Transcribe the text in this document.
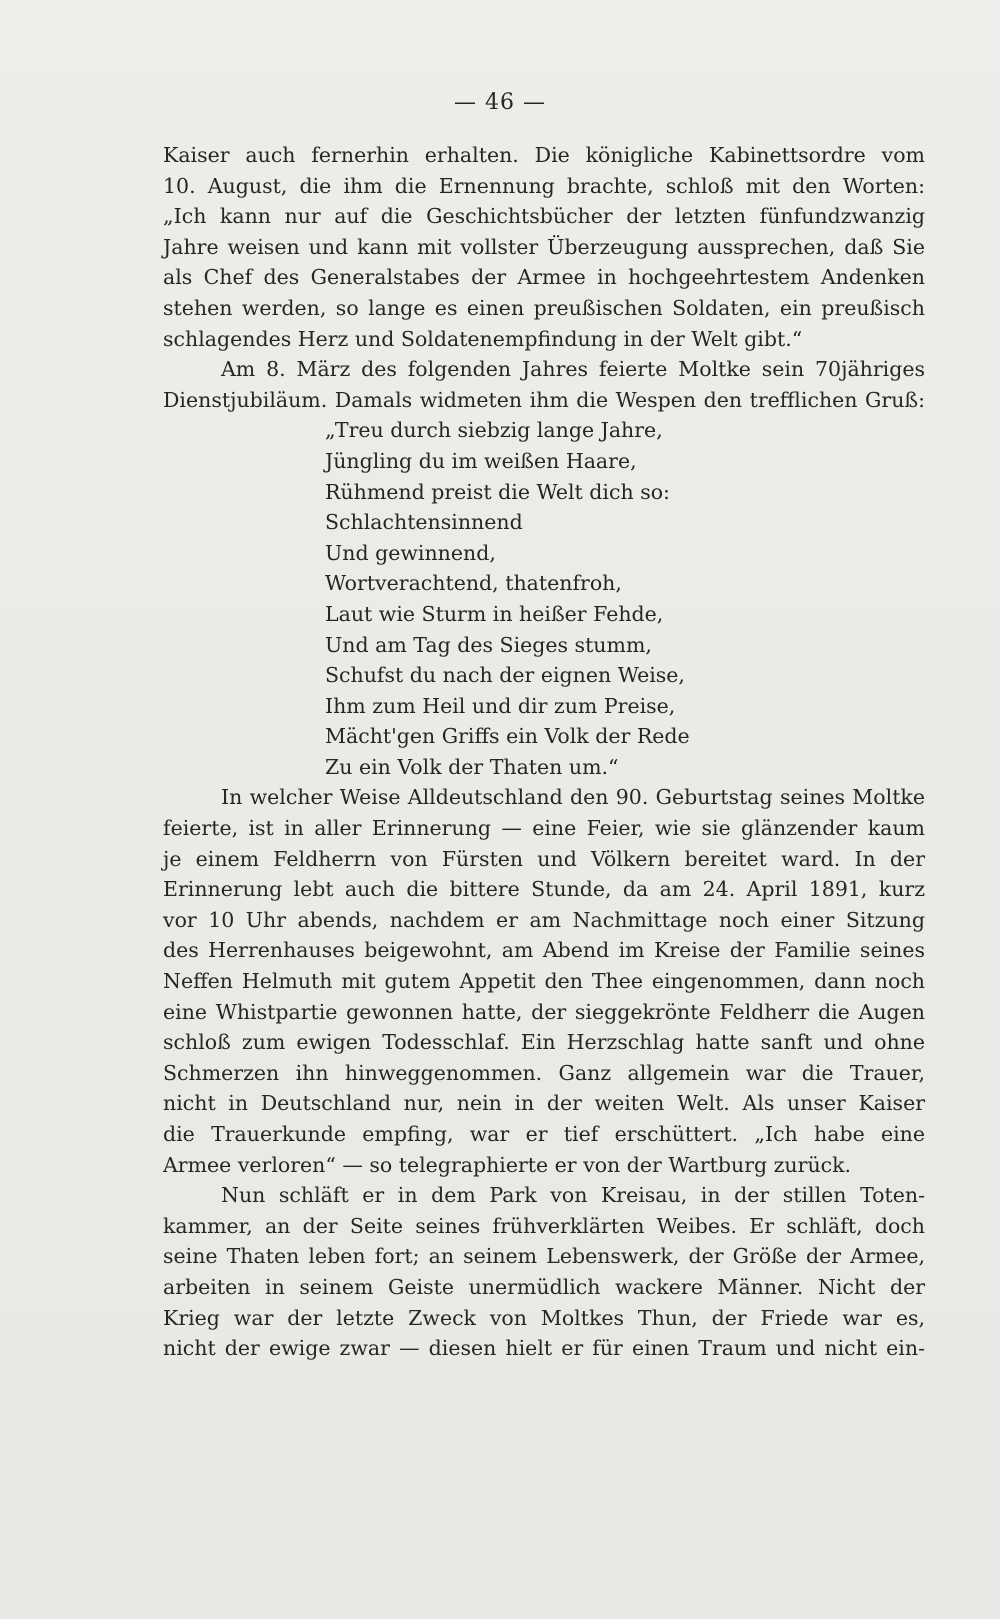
— 46 —
Kaiser auch fernerhin erhalten. Die königliche Kabinettsordre vom
10. August, die ihm die Ernennung brachte, schloß mit den Worten:
„Ich kann nur auf die Geschichtsbücher der letzten fünfundzwanzig
Jahre weisen und kann mit vollster Überzeugung aussprechen, daß Sie
als Chef des Generalstabes der Armee in hochgeehrtestem Andenken
stehen werden, so lange es einen preußischen Soldaten, ein preußisch
schlagendes Herz und Soldatenempfindung in der Welt gibt.“
Am 8. März des folgenden Jahres feierte Moltke sein 70jähriges
Dienstjubiläum. Damals widmeten ihm die Wespen den trefflichen Gruß:
„Treu durch siebzig lange Jahre,
Jüngling du im weißen Haare,
Rühmend preist die Welt dich so:
Schlachtensinnend
Und gewinnend,
Wortverachtend, thatenfroh,
Laut wie Sturm in heißer Fehde,
Und am Tag des Sieges stumm,
Schufst du nach der eignen Weise,
Ihm zum Heil und dir zum Preise,
Mächt'gen Griffs ein Volk der Rede
Zu ein Volk der Thaten um.“
In welcher Weise Alldeutschland den 90. Geburtstag seines Moltke
feierte, ist in aller Erinnerung — eine Feier, wie sie glänzender kaum
je einem Feldherrn von Fürsten und Völkern bereitet ward. In der
Erinnerung lebt auch die bittere Stunde, da am 24. April 1891, kurz
vor 10 Uhr abends, nachdem er am Nachmittage noch einer Sitzung
des Herrenhauses beigewohnt, am Abend im Kreise der Familie seines
Neffen Helmuth mit gutem Appetit den Thee eingenommen, dann noch
eine Whistpartie gewonnen hatte, der sieggekrönte Feldherr die Augen
schloß zum ewigen Todesschlaf. Ein Herzschlag hatte sanft und ohne
Schmerzen ihn hinweggenommen. Ganz allgemein war die Trauer,
nicht in Deutschland nur, nein in der weiten Welt. Als unser Kaiser
die Trauerkunde empfing, war er tief erschüttert. „Ich habe eine
Armee verloren“ — so telegraphierte er von der Wartburg zurück.
Nun schläft er in dem Park von Kreisau, in der stillen Toten-
kammer, an der Seite seines frühverklärten Weibes. Er schläft, doch
seine Thaten leben fort; an seinem Lebenswerk, der Größe der Armee,
arbeiten in seinem Geiste unermüdlich wackere Männer. Nicht der
Krieg war der letzte Zweck von Moltkes Thun, der Friede war es,
nicht der ewige zwar — diesen hielt er für einen Traum und nicht ein-
